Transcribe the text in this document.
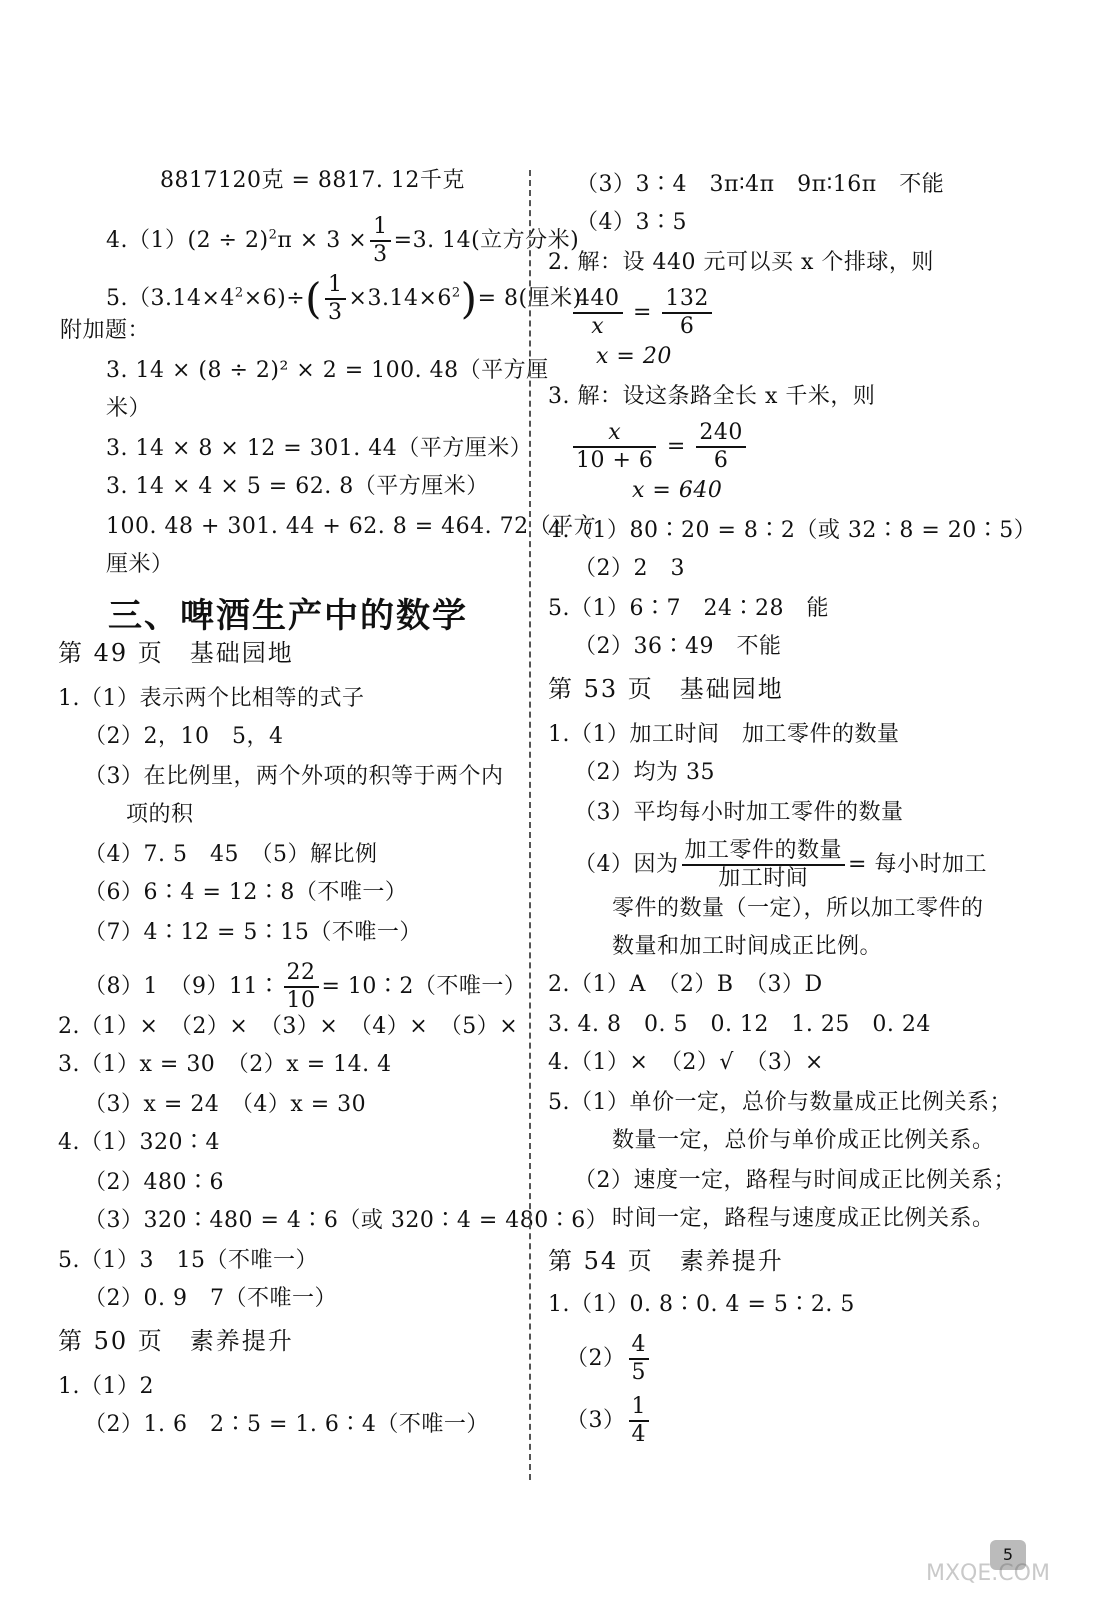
8817120克 = 8817. 12千克
$4.(1)(2 \div 2)^2\pi \times 3 \times \frac{1}{3} =3$. 14(立方分米)
$5.(3.14\times 4^2\times 6)\div( \frac{1}{3} \times 3.14\times 6^2)= 8$(厘米)
附加题：
3. 14 × (8 ÷ 2)² × 2 = 100. 48（平方厘
米）
3. 14 × 8 × 12 = 301. 44（平方厘米）
3. 14 × 4 × 5 = 62. 8（平方厘米）
100. 48 + 301. 44 + 62. 8 = 464. 72（平方
厘米）
三、啤酒生产中的数学
第 49 页　基础园地
1.（1）表示两个比相等的式子
（2）2，10　5，4
（3）在比例里，两个外项的积等于两个内
项的积
（4）7. 5　45　（5）解比例
（6）6∶4 = 12∶8（不唯一）
（7）4∶12 = 5∶15（不唯一）
（8）1　（9）11∶ $\frac{22}{10}$ = 10∶2（不唯一）
2.（1）×　（2）×　（3）×　（4）×　（5）×
3.（1）x = 30　（2）x = 14. 4
（3）x = 24　（4）x = 30
4.（1）320∶4
（2）480∶6
（3）320∶480 = 4∶6（或 320∶4 = 480∶6）
5.（1）3　15（不唯一）
（2）0. 9　7（不唯一）
第 50 页　素养提升
1.（1）2
（2）1. 6　2∶5 = 1. 6∶4（不唯一）
（3）3∶4　3π∶4π　9π∶16π　不能
（4）3∶5
2. 解：设 440 元可以买 x 个排球，则
$\frac{440}{x} = \frac{132}{6}$
x = 20
3. 解：设这条路全长 x 千米，则
$\frac{x}{10 + 6} = \frac{240}{6}$
x = 640
4.（1）80∶20 = 8∶2（或 32∶8 = 20∶5）
（2）2　3
5.（1）6∶7　24∶28　能
（2）36∶49　不能
第 53 页　基础园地
1.（1）加工时间　加工零件的数量
（2）均为 35
（3）平均每小时加工零件的数量
（4）因为 $\frac{\text{加工零件的数量}}{\text{加工时间}}$ = 每小时加工
零件的数量（一定），所以加工零件的
数量和加工时间成正比例。
2.（1）A　（2）B　（3）D
3. 4. 8　0. 5　0. 12　1. 25　0. 24
4.（1）×　（2）√　（3）×
5.（1）单价一定，总价与数量成正比例关系；
数量一定，总价与单价成正比例关系。
（2）速度一定，路程与时间成正比例关系；
时间一定，路程与速度成正比例关系。
第 54 页　素养提升
1.（1）0. 8∶0. 4 = 5∶2. 5
$(2) \frac{4}{5}$
$(3) \frac{1}{4}$
5
MXQE.COM
